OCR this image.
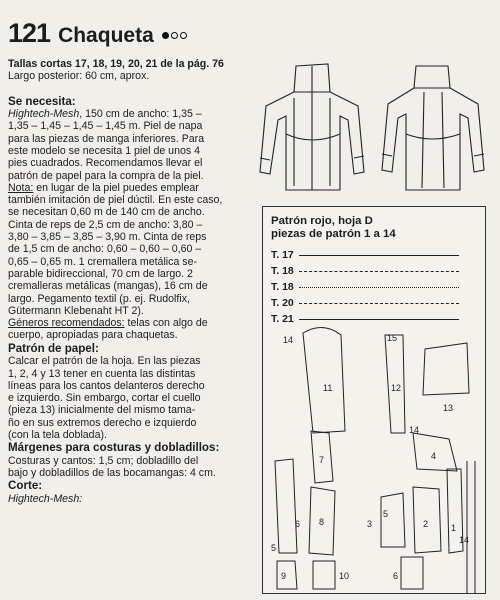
121 Chaqueta

Tallas cortas 17, 18, 19, 20, 21 de la pág. 76

Largo posterior: 60 cm, aprox.

Se necesita:

Hightech-Mesh, 150 cm de ancho: 1,35 –

1,35 – 1,45 – 1,45 – 1,45 m. Piel de napa

para las piezas de manga inferiores. Para

este modelo se necesita 1 piel de unos 4

pies cuadrados. Recomendamos llevar el

patrón de papel para la compra de la piel.

Nota: en lugar de la piel puedes emplear

también imitación de piel dúctil. En este caso,

se necesitan 0,60 m de 140 cm de ancho.

Cinta de reps de 2,5 cm de ancho: 3,80 –

3,80 – 3,85 – 3,85 – 3,90 m. Cinta de reps

de 1,5 cm de ancho: 0,60 – 0,60 – 0,60 –

0,65 – 0,65 m. 1 cremallera metálica se-

parable bidireccional, 70 cm de largo. 2

cremalleras metálicas (mangas), 16 cm de

largo. Pegamento textil (p. ej. Rudolfix,

Gütermann Klebenaht HT 2).

Géneros recomendados: telas con algo de

cuerpo, apropiadas para chaquetas.

Patrón de papel:

Calcar el patrón de la hoja. En las piezas

1, 2, 4 y 13 tener en cuenta las distintas

líneas para los cantos delanteros derecho

e izquierdo. Sin embargo, cortar el cuello

(pieza 13) inicialmente del mismo tama-

ño en sus extremos derecho e izquierdo

(con la tela doblada).

Márgenes para costuras y dobladillos:

Costuras y cantos: 1,5 cm; dobladillo del

bajo y dobladillos de las bocamangas: 4 cm.

Corte:

Hightech-Mesh:

Patrón rojo, hoja D
piezas de patrón 1 a 14
T. 17
T. 18
T. 18
T. 20
T. 21
14
11
15
12
13
14
6
7
8
4
5
3	2	1
14
9	10
5
6
